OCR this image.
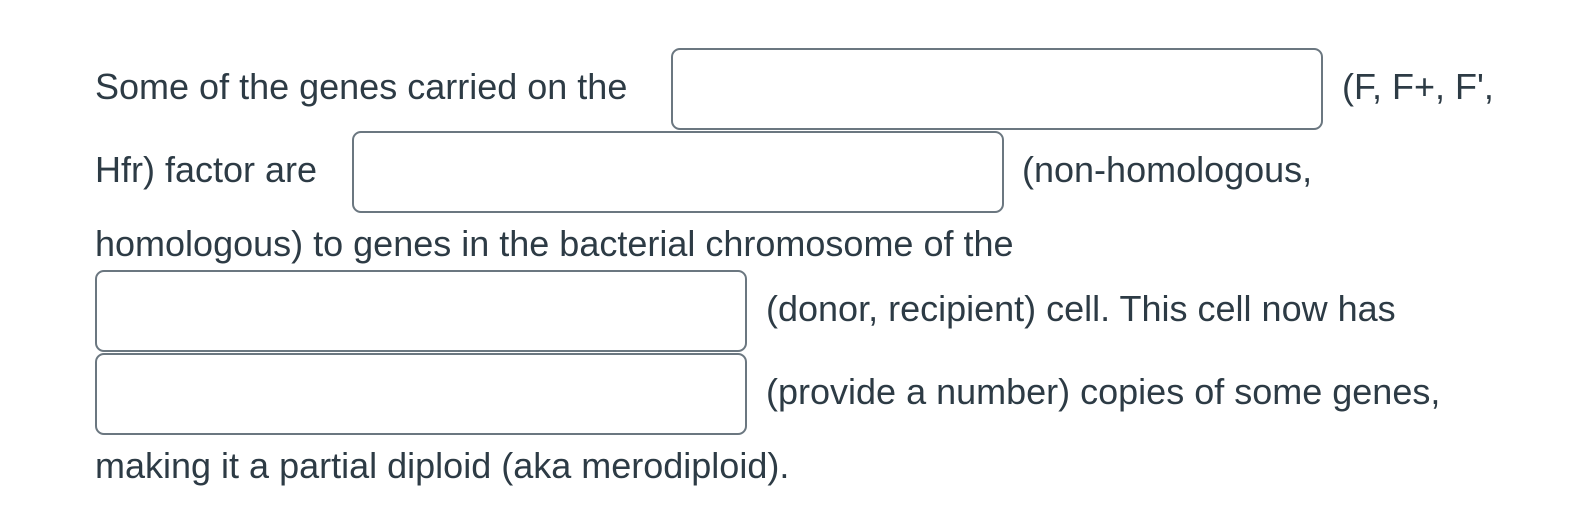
Some of the genes carried on the	(F, F+, F',
Hfr) factor are	(non-homologous,
homologous) to genes in the bacterial chromosome of the
(donor, recipient) cell. This cell now has
(provide a number) copies of some genes,
making it a partial diploid (aka merodiploid).
